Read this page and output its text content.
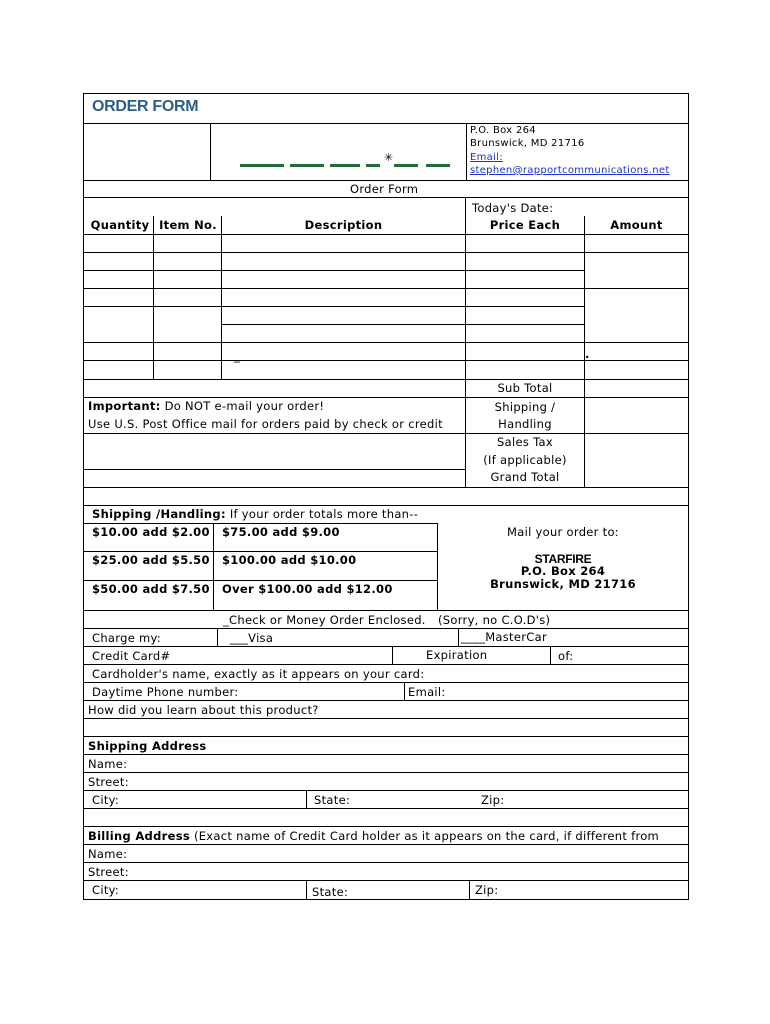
ORDER FORM
✳
P.O. Box 264
Brunswick, MD 21716
Email:
stephen@rapportcommunications.net
Order Form
Today's Date:
Quantity Item No.	Description	Price Each	Amount
_	.
Sub Total
Shipping /
Handling
Sales Tax
(If applicable)
Grand Total
Important: Do NOT e-mail your order!
Use U.S. Post Office mail for orders paid by check or credit
Shipping /Handling: If your order totals more than--
$10.00 add $2.00 $75.00 add $9.00
$25.00 add $5.50 $100.00 add $10.00
$50.00 add $7.50 Over $100.00 add $12.00
Mail your order to:
STARFIRE
P.O. Box 264
Brunswick, MD 21716
_Check or Money Order Enclosed. (Sorry, no C.O.D's)
Charge my:	___Visa	____MasterCar
Credit Card#	Expiration	of:
Cardholder's name, exactly as it appears on your card:
Daytime Phone number:	Email:
How did you learn about this product?
Shipping Address
Name:
Street:
City:	State:	Zip:
Billing Address (Exact name of Credit Card holder as it appears on the card, if different from
Name:
Street:
City:	State:	Zip:
